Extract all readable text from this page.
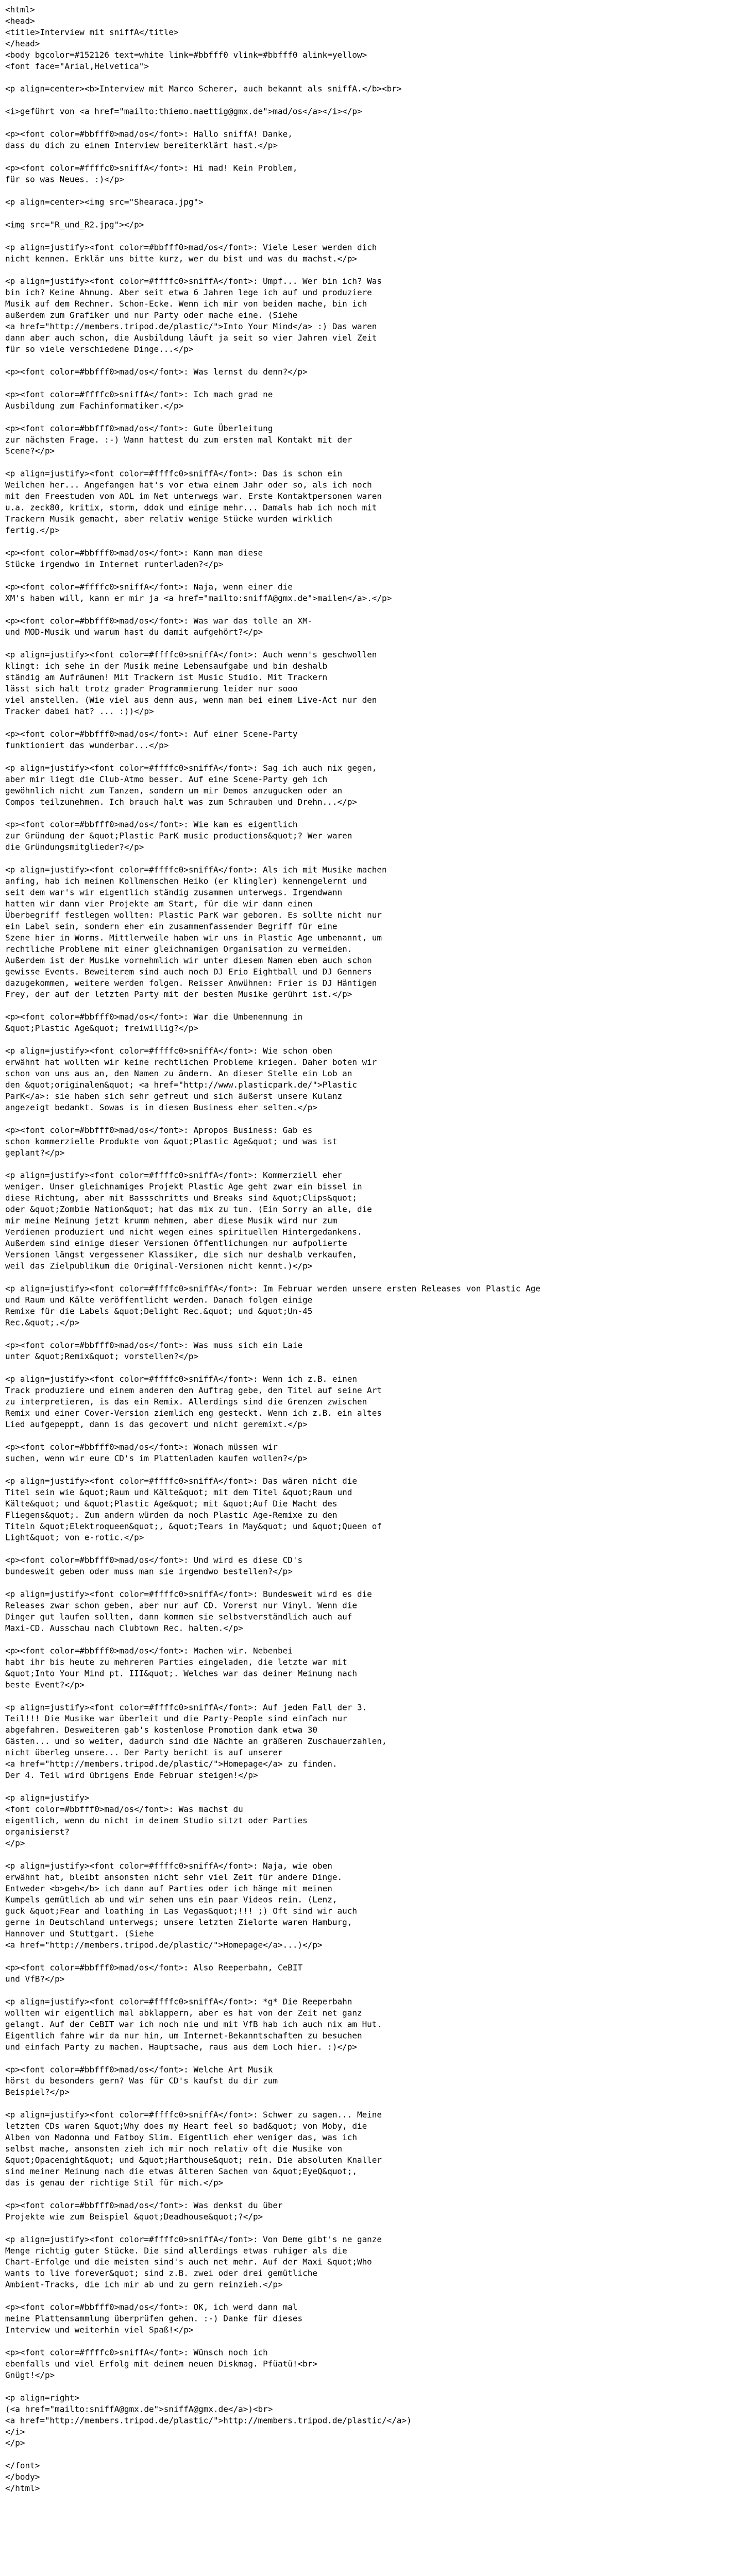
<html>
<head>
<title>Interview mit sniffA</title>
</head>
<body bgcolor=#152126 text=white link=#bbfff0 vlink=#bbfff0 alink=yellow>
<font face="Arial,Helvetica">
<p align=center><b>Interview mit Marco Scherer, auch bekannt als sniffA.</b><br>
<i>geführt von <a href="mailto:thiemo.maettig@gmx.de">mad/os</a></i></p>
<p><font color=#bbfff0>mad/os</font>: Hallo sniffA! Danke,
dass du dich zu einem Interview bereiterklärt hast.</p>
<p><font color=#ffffc0>sniffA</font>: Hi mad! Kein Problem,
für so was Neues. :)</p>
<p align=center><img src="Shearaca.jpg">
<img src="R_und_R2.jpg"></p>
<p align=justify><font color=#bbfff0>mad/os</font>: Viele Leser werden dich
nicht kennen. Erklär uns bitte kurz, wer du bist und was du machst.</p>
<p align=justify><font color=#ffffc0>sniffA</font>: Umpf... Wer bin ich? Was
bin ich? Keine Ahnung. Aber seit etwa 6 Jahren lege ich auf und produziere
Musik auf dem Rechner. Schon-Ecke. Wenn ich mir von beiden mache, bin ich
außerdem zum Grafiker und nur Party oder mache eine. (Siehe
<a href="http://members.tripod.de/plastic/">Into Your Mind</a> :) Das waren
dann aber auch schon, die Ausbildung läuft ja seit so vier Jahren viel Zeit
für so viele verschiedene Dinge...</p>
<p><font color=#bbfff0>mad/os</font>: Was lernst du denn?</p>
<p><font color=#ffffc0>sniffA</font>: Ich mach grad ne
Ausbildung zum Fachinformatiker.</p>
<p><font color=#bbfff0>mad/os</font>: Gute Überleitung
zur nächsten Frage. :-) Wann hattest du zum ersten mal Kontakt mit der
Scene?</p>
<p align=justify><font color=#ffffc0>sniffA</font>: Das is schon ein
Weilchen her... Angefangen hat's vor etwa einem Jahr oder so, als ich noch
mit den Freestuden vom AOL im Net unterwegs war. Erste Kontaktpersonen waren
u.a. zeck80, kritix, storm, ddok und einige mehr... Damals hab ich noch mit
Trackern Musik gemacht, aber relativ wenige Stücke wurden wirklich
fertig.</p>
<p><font color=#bbfff0>mad/os</font>: Kann man diese
Stücke irgendwo im Internet runterladen?</p>
<p><font color=#ffffc0>sniffA</font>: Naja, wenn einer die
XM's haben will, kann er mir ja <a href="mailto:sniffA@gmx.de">mailen</a>.</p>
<p><font color=#bbfff0>mad/os</font>: Was war das tolle an XM-
und MOD-Musik und warum hast du damit aufgehört?</p>
<p align=justify><font color=#ffffc0>sniffA</font>: Auch wenn's geschwollen
klingt: ich sehe in der Musik meine Lebensaufgabe und bin deshalb
ständig am Aufräumen! Mit Trackern ist Music Studio. Mit Trackern
lässt sich halt trotz grader Programmierung leider nur sooo
viel anstellen. (Wie viel aus denn aus, wenn man bei einem Live-Act nur den
Tracker dabei hat? ... :))</p>
<p><font color=#bbfff0>mad/os</font>: Auf einer Scene-Party
funktioniert das wunderbar...</p>
<p align=justify><font color=#ffffc0>sniffA</font>: Sag ich auch nix gegen,
aber mir liegt die Club-Atmo besser. Auf eine Scene-Party geh ich
gewöhnlich nicht zum Tanzen, sondern um mir Demos anzugucken oder an
Compos teilzunehmen. Ich brauch halt was zum Schrauben und Drehn...</p>
<p><font color=#bbfff0>mad/os</font>: Wie kam es eigentlich
zur Gründung der &quot;Plastic ParK music productions&quot;? Wer waren
die Gründungsmitglieder?</p>
<p align=justify><font color=#ffffc0>sniffA</font>: Als ich mit Musike machen
anfing, hab ich meinen Kollmenschen Heiko (er klingler) kennengelernt und
seit dem war's wir eigentlich ständig zusammen unterwegs. Irgendwann
hatten wir dann vier Projekte am Start, für die wir dann einen
Überbegriff festlegen wollten: Plastic ParK war geboren. Es sollte nicht nur
ein Label sein, sondern eher ein zusammenfassender Begriff für eine
Szene hier in Worms. Mittlerweile haben wir uns in Plastic Age umbenannt, um
rechtliche Probleme mit einer gleichnamigen Organisation zu vermeiden.
Außerdem ist der Musike vornehmlich wir unter diesem Namen eben auch schon
gewisse Events. Beweiterem sind auch noch DJ Erio Eightball und DJ Genners
dazugekommen, weitere werden folgen. Reisser Anwühnen: Frier is DJ Häntigen
Frey, der auf der letzten Party mit der besten Musike gerührt ist.</p>
<p><font color=#bbfff0>mad/os</font>: War die Umbenennung in
&quot;Plastic Age&quot; freiwillig?</p>
<p align=justify><font color=#ffffc0>sniffA</font>: Wie schon oben
erwähnt hat wollten wir keine rechtlichen Probleme kriegen. Daher boten wir
schon von uns aus an, den Namen zu ändern. An dieser Stelle ein Lob an
den &quot;originalen&quot; <a href="http://www.plasticpark.de/">Plastic
ParK</a>: sie haben sich sehr gefreut und sich äußerst unsere Kulanz
angezeigt bedankt. Sowas is in diesen Business eher selten.</p>
<p><font color=#bbfff0>mad/os</font>: Apropos Business: Gab es
schon kommerzielle Produkte von &quot;Plastic Age&quot; und was ist
geplant?</p>
<p align=justify><font color=#ffffc0>sniffA</font>: Kommerziell eher
weniger. Unser gleichnamiges Projekt Plastic Age geht zwar ein bissel in
diese Richtung, aber mit Bassschritts und Breaks sind &quot;Clips&quot;
oder &quot;Zombie Nation&quot; hat das mix zu tun. (Ein Sorry an alle, die
mir meine Meinung jetzt krumm nehmen, aber diese Musik wird nur zum
Verdienen produziert und nicht wegen eines spirituellen Hintergedankens.
Außerdem sind einige dieser Versionen öffentlichungen nur aufpolierte
Versionen längst vergessener Klassiker, die sich nur deshalb verkaufen,
weil das Zielpublikum die Original-Versionen nicht kennt.)</p>
<p align=justify><font color=#ffffc0>sniffA</font>: Im Februar werden unsere ersten Releases von Plastic Age
und Raum und Kälte veröffentlicht werden. Danach folgen einige
Remixe für die Labels &quot;Delight Rec.&quot; und &quot;Un-45
Rec.&quot;.</p>
<p><font color=#bbfff0>mad/os</font>: Was muss sich ein Laie
unter &quot;Remix&quot; vorstellen?</p>
<p align=justify><font color=#ffffc0>sniffA</font>: Wenn ich z.B. einen
Track produziere und einem anderen den Auftrag gebe, den Titel auf seine Art
zu interpretieren, is das ein Remix. Allerdings sind die Grenzen zwischen
Remix und einer Cover-Version ziemlich eng gesteckt. Wenn ich z.B. ein altes
Lied aufgepeppt, dann is das gecovert und nicht geremixt.</p>
<p><font color=#bbfff0>mad/os</font>: Wonach müssen wir
suchen, wenn wir eure CD's im Plattenladen kaufen wollen?</p>
<p align=justify><font color=#ffffc0>sniffA</font>: Das wären nicht die
Titel sein wie &quot;Raum und Kälte&quot; mit dem Titel &quot;Raum und
Kälte&quot; und &quot;Plastic Age&quot; mit &quot;Auf Die Macht des
Fliegens&quot;. Zum andern würden da noch Plastic Age-Remixe zu den
Titeln &quot;Elektroqueen&quot;, &quot;Tears in May&quot; und &quot;Queen of
Light&quot; von e-rotic.</p>
<p><font color=#bbfff0>mad/os</font>: Und wird es diese CD's
bundesweit geben oder muss man sie irgendwo bestellen?</p>
<p align=justify><font color=#ffffc0>sniffA</font>: Bundesweit wird es die
Releases zwar schon geben, aber nur auf CD. Vorerst nur Vinyl. Wenn die
Dinger gut laufen sollten, dann kommen sie selbstverständlich auch auf
Maxi-CD. Ausschau nach Clubtown Rec. halten.</p>
<p><font color=#bbfff0>mad/os</font>: Machen wir. Nebenbei
habt ihr bis heute zu mehreren Parties eingeladen, die letzte war mit
&quot;Into Your Mind pt. III&quot;. Welches war das deiner Meinung nach
beste Event?</p>
<p align=justify><font color=#ffffc0>sniffA</font>: Auf jeden Fall der 3.
Teil!!! Die Musike war überleit und die Party-People sind einfach nur
abgefahren. Desweiteren gab's kostenlose Promotion dank etwa 30
Gästen... und so weiter, dadurch sind die Nächte an gräßeren Zuschauerzahlen,
nicht überleg unsere... Der Party bericht is auf unserer
<a href="http://members.tripod.de/plastic/">Homepage</a> zu finden.
Der 4. Teil wird übrigens Ende Februar steigen!</p>
<p align=justify>
<font color=#bbfff0>mad/os</font>: Was machst du
eigentlich, wenn du nicht in deinem Studio sitzt oder Parties
organisierst?
</p>
<p align=justify><font color=#ffffc0>sniffA</font>: Naja, wie oben
erwähnt hat, bleibt ansonsten nicht sehr viel Zeit für andere Dinge.
Entweder <b>geh</b> ich dann auf Parties oder ich hänge mit meinen
Kumpels gemütlich ab und wir sehen uns ein paar Videos rein. (Lenz,
guck &quot;Fear and loathing in Las Vegas&quot;!!! ;) Oft sind wir auch
gerne in Deutschland unterwegs; unsere letzten Zielorte waren Hamburg,
Hannover und Stuttgart. (Siehe
<a href="http://members.tripod.de/plastic/">Homepage</a>...)</p>
<p><font color=#bbfff0>mad/os</font>: Also Reeperbahn, CeBIT
und VfB?</p>
<p align=justify><font color=#ffffc0>sniffA</font>: *g* Die Reeperbahn
wollten wir eigentlich mal abklappern, aber es hat von der Zeit net ganz
gelangt. Auf der CeBIT war ich noch nie und mit VfB hab ich auch nix am Hut.
Eigentlich fahre wir da nur hin, um Internet-Bekanntschaften zu besuchen
und einfach Party zu machen. Hauptsache, raus aus dem Loch hier. :)</p>
<p><font color=#bbfff0>mad/os</font>: Welche Art Musik
hörst du besonders gern? Was für CD's kaufst du dir zum
Beispiel?</p>
<p align=justify><font color=#ffffc0>sniffA</font>: Schwer zu sagen... Meine
letzten CDs waren &quot;Why does my Heart feel so bad&quot; von Moby, die
Alben von Madonna und Fatboy Slim. Eigentlich eher weniger das, was ich
selbst mache, ansonsten zieh ich mir noch relativ oft die Musike von
&quot;Opacenight&quot; und &quot;Harthouse&quot; rein. Die absoluten Knaller
sind meiner Meinung nach die etwas älteren Sachen von &quot;EyeQ&quot;,
das is genau der richtige Stil für mich.</p>
<p><font color=#bbfff0>mad/os</font>: Was denkst du über
Projekte wie zum Beispiel &quot;Deadhouse&quot;?</p>
<p align=justify><font color=#ffffc0>sniffA</font>: Von Deme gibt's ne ganze
Menge richtig guter Stücke. Die sind allerdings etwas ruhiger als die
Chart-Erfolge und die meisten sind's auch net mehr. Auf der Maxi &quot;Who
wants to live forever&quot; sind z.B. zwei oder drei gemütliche
Ambient-Tracks, die ich mir ab und zu gern reinzieh.</p>
<p><font color=#bbfff0>mad/os</font>: OK, ich werd dann mal
meine Plattensammlung überprüfen gehen. :-) Danke für dieses
Interview und weiterhin viel Spaß!</p>
<p><font color=#ffffc0>sniffA</font>: Wünsch noch ich
ebenfalls und viel Erfolg mit deinem neuen Diskmag. Pfüatü!<br>
Gnügt!</p>
<p align=right>
(<a href="mailto:sniffA@gmx.de">sniffA@gmx.de</a>)<br>
<a href="http://members.tripod.de/plastic/">http://members.tripod.de/plastic/</a>)
</i>
</p>
</font>
</body>
</html>
